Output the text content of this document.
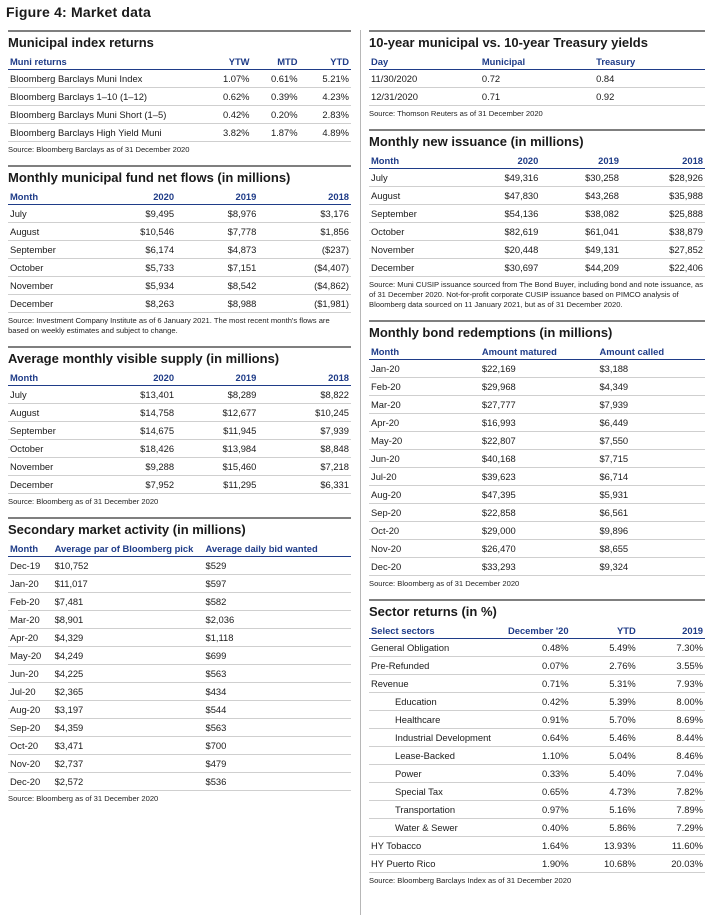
Figure 4: Market data
Municipal index returns
Muni returns	YTW	MTD	YTD
Bloomberg Barclays Muni Index	1.07%	0.61%	5.21%
Bloomberg Barclays 1–10 (1–12)	0.62%	0.39%	4.23%
Bloomberg Barclays Muni Short (1–5)	0.42%	0.20%	2.83%
Bloomberg Barclays High Yield Muni	3.82%	1.87%	4.89%
Source: Bloomberg Barclays as of 31 December 2020
Monthly municipal fund net flows (in millions)
Month	2020	2019	2018
July	$9,495	$8,976	$3,176
August	$10,546	$7,778	$1,856
September	$6,174	$4,873	($237)
October	$5,733	$7,151	($4,407)
November	$5,934	$8,542	($4,862)
December	$8,263	$8,988	($1,981)
Source: Investment Company Institute as of 6 January 2021. The most recent month's flows are based on weekly estimates and subject to change.
Average monthly visible supply (in millions)
Month	2020	2019	2018
July	$13,401	$8,289	$8,822
August	$14,758	$12,677	$10,245
September	$14,675	$11,945	$7,939
October	$18,426	$13,984	$8,848
November	$9,288	$15,460	$7,218
December	$7,952	$11,295	$6,331
Source: Bloomberg as of 31 December 2020
Secondary market activity (in millions)
Month	Average par of Bloomberg pick	Average daily bid wanted
Dec-19	$10,752	$529
Jan-20	$11,017	$597
Feb-20	$7,481	$582
Mar-20	$8,901	$2,036
Apr-20	$4,329	$1,118
May-20	$4,249	$699
Jun-20	$4,225	$563
Jul-20	$2,365	$434
Aug-20	$3,197	$544
Sep-20	$4,359	$563
Oct-20	$3,471	$700
Nov-20	$2,737	$479
Dec-20	$2,572	$536
Source: Bloomberg as of 31 December 2020
10-year municipal vs. 10-year Treasury yields
Day	Municipal	Treasury
11/30/2020	0.72	0.84
12/31/2020	0.71	0.92
Source: Thomson Reuters as of 31 December 2020
Monthly new issuance (in millions)
Month	2020	2019	2018
July	$49,316	$30,258	$28,926
August	$47,830	$43,268	$35,988
September	$54,136	$38,082	$25,888
October	$82,619	$61,041	$38,879
November	$20,448	$49,131	$27,852
December	$30,697	$44,209	$22,406
Source: Muni CUSIP issuance sourced from The Bond Buyer, including bond and note issuance, as of 31 December 2020. Not-for-profit corporate CUSIP issuance based on PIMCO analysis of Bloomberg data sourced on 11 January 2021, but as of 31 December 2020.
Monthly bond redemptions (in millions)
Month	Amount matured	Amount called
Jan-20	$22,169	$3,188
Feb-20	$29,968	$4,349
Mar-20	$27,777	$7,939
Apr-20	$16,993	$6,449
May-20	$22,807	$7,550
Jun-20	$40,168	$7,715
Jul-20	$39,623	$6,714
Aug-20	$47,395	$5,931
Sep-20	$22,858	$6,561
Oct-20	$29,000	$9,896
Nov-20	$26,470	$8,655
Dec-20	$33,293	$9,324
Source: Bloomberg as of 31 December 2020
Sector returns (in %)
Select sectors	December '20	YTD	2019
General Obligation	0.48%	5.49%	7.30%
Pre-Refunded	0.07%	2.76%	3.55%
Revenue	0.71%	5.31%	7.93%
Education	0.42%	5.39%	8.00%
Healthcare	0.91%	5.70%	8.69%
Industrial Development	0.64%	5.46%	8.44%
Lease-Backed	1.10%	5.04%	8.46%
Power	0.33%	5.40%	7.04%
Special Tax	0.65%	4.73%	7.82%
Transportation	0.97%	5.16%	7.89%
Water & Sewer	0.40%	5.86%	7.29%
HY Tobacco	1.64%	13.93%	11.60%
HY Puerto Rico	1.90%	10.68%	20.03%
Source: Bloomberg Barclays Index as of 31 December 2020
